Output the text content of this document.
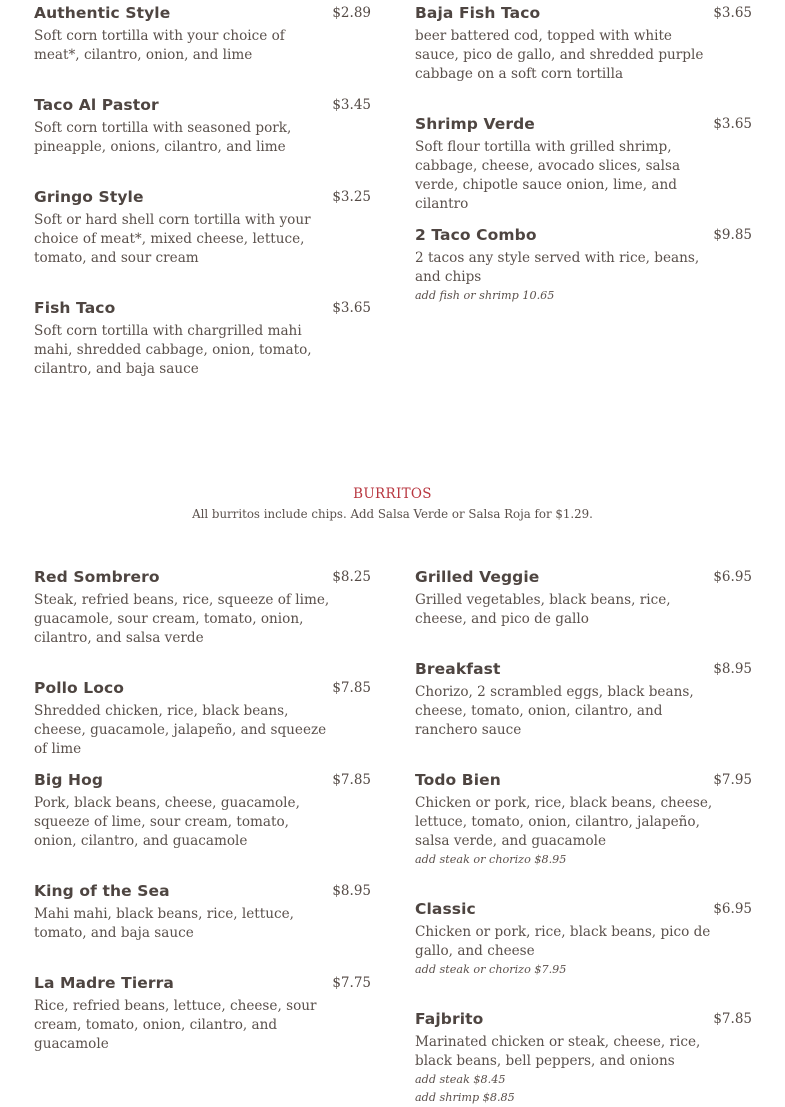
Authentic Style	$2.89
Soft corn tortilla with your choice of meat*, cilantro, onion, and lime
Taco Al Pastor	$3.45
Soft corn tortilla with seasoned pork, pineapple, onions, cilantro, and lime
Gringo Style	$3.25
Soft or hard shell corn tortilla with your choice of meat*, mixed cheese, lettuce, tomato, and sour cream
Fish Taco	$3.65
Soft corn tortilla with chargrilled mahi mahi, shredded cabbage, onion, tomato, cilantro, and baja sauce
Baja Fish Taco	$3.65
beer battered cod, topped with white sauce, pico de gallo, and shredded purple cabbage on a soft corn tortilla
Shrimp Verde	$3.65
Soft flour tortilla with grilled shrimp, cabbage, cheese, avocado slices, salsa verde, chipotle sauce onion, lime, and cilantro
2 Taco Combo	$9.85
2 tacos any style served with rice, beans, and chips
add fish or shrimp 10.65
BURRITOS
All burritos include chips. Add Salsa Verde or Salsa Roja for $1.29.
Red Sombrero	$8.25
Steak, refried beans, rice, squeeze of lime, guacamole, sour cream, tomato, onion, cilantro, and salsa verde
Pollo Loco	$7.85
Shredded chicken, rice, black beans, cheese, guacamole, jalapeño, and squeeze of lime
Big Hog	$7.85
Pork, black beans, cheese, guacamole, squeeze of lime, sour cream, tomato, onion, cilantro, and guacamole
King of the Sea	$8.95
Mahi mahi, black beans, rice, lettuce, tomato, and baja sauce
La Madre Tierra	$7.75
Rice, refried beans, lettuce, cheese, sour cream, tomato, onion, cilantro, and guacamole
Grilled Veggie	$6.95
Grilled vegetables, black beans, rice, cheese, and pico de gallo
Breakfast	$8.95
Chorizo, 2 scrambled eggs, black beans, cheese, tomato, onion, cilantro, and ranchero sauce
Todo Bien	$7.95
Chicken or pork, rice, black beans, cheese, lettuce, tomato, onion, cilantro, jalapeño, salsa verde, and guacamole
add steak or chorizo $8.95
Classic	$6.95
Chicken or pork, rice, black beans, pico de gallo, and cheese
add steak or chorizo $7.95
Fajbrito	$7.85
Marinated chicken or steak, cheese, rice, black beans, bell peppers, and onions
add steak $8.45
add shrimp $8.85
